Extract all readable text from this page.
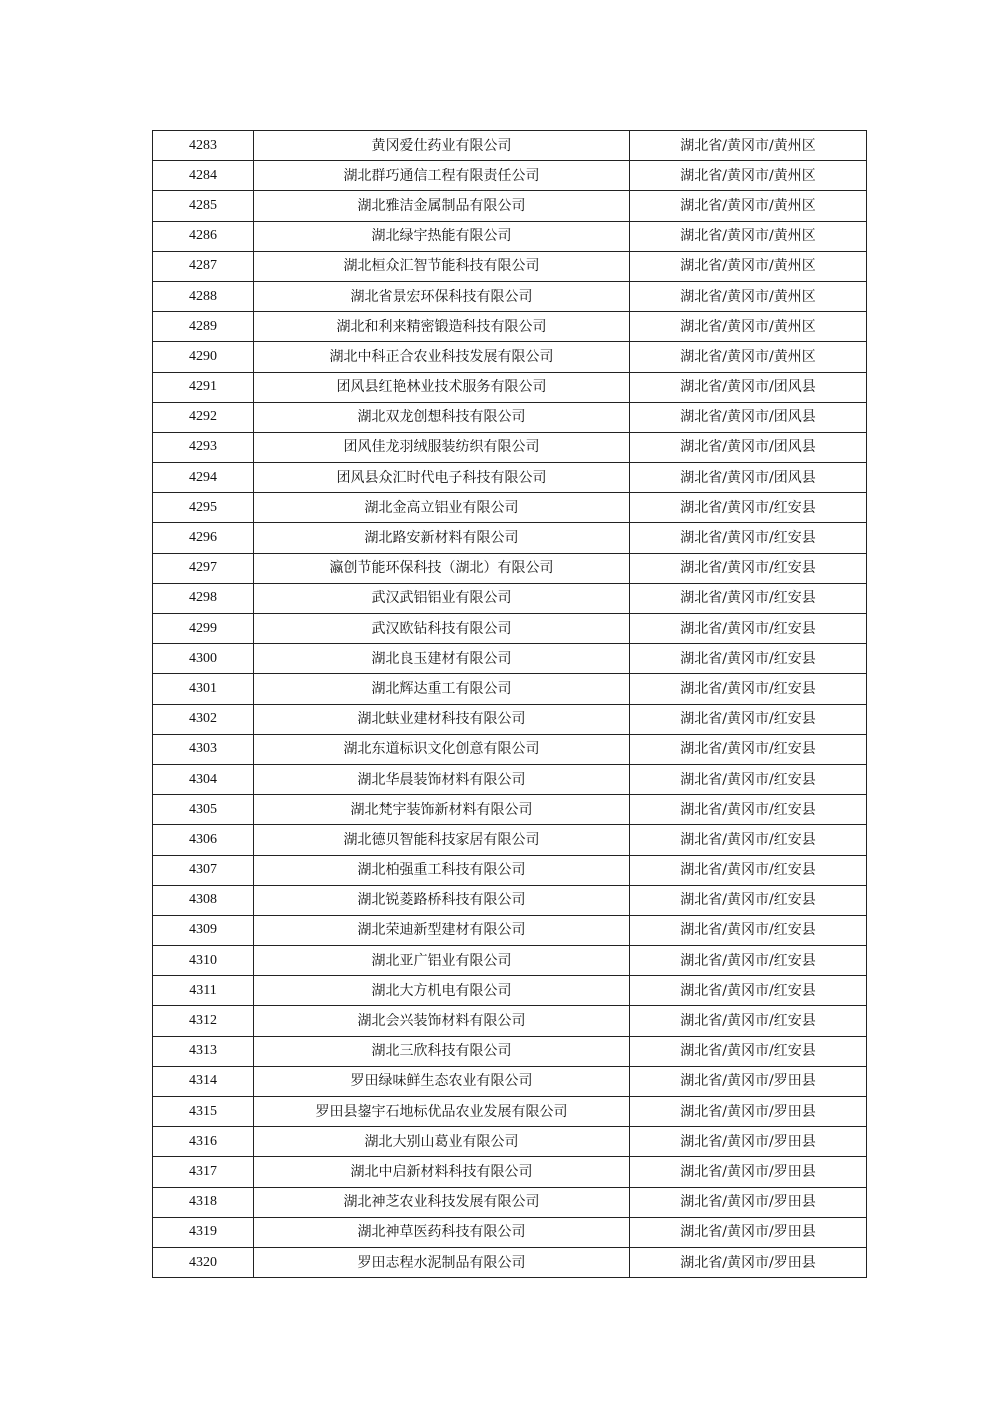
4283	黄冈爱仕药业有限公司	湖北省/黄冈市/黄州区
4284	湖北群巧通信工程有限责任公司	湖北省/黄冈市/黄州区
4285	湖北雅洁金属制品有限公司	湖北省/黄冈市/黄州区
4286	湖北绿宇热能有限公司	湖北省/黄冈市/黄州区
4287	湖北桓众汇智节能科技有限公司	湖北省/黄冈市/黄州区
4288	湖北省景宏环保科技有限公司	湖北省/黄冈市/黄州区
4289	湖北和利来精密锻造科技有限公司	湖北省/黄冈市/黄州区
4290	湖北中科正合农业科技发展有限公司	湖北省/黄冈市/黄州区
4291	团风县红艳林业技术服务有限公司	湖北省/黄冈市/团风县
4292	湖北双龙创想科技有限公司	湖北省/黄冈市/团风县
4293	团风佳龙羽绒服装纺织有限公司	湖北省/黄冈市/团风县
4294	团风县众汇时代电子科技有限公司	湖北省/黄冈市/团风县
4295	湖北金高立铝业有限公司	湖北省/黄冈市/红安县
4296	湖北路安新材料有限公司	湖北省/黄冈市/红安县
4297	瀛创节能环保科技（湖北）有限公司	湖北省/黄冈市/红安县
4298	武汉武铝铝业有限公司	湖北省/黄冈市/红安县
4299	武汉欧钻科技有限公司	湖北省/黄冈市/红安县
4300	湖北良玉建材有限公司	湖北省/黄冈市/红安县
4301	湖北辉达重工有限公司	湖北省/黄冈市/红安县
4302	湖北蚨业建材科技有限公司	湖北省/黄冈市/红安县
4303	湖北东道标识文化创意有限公司	湖北省/黄冈市/红安县
4304	湖北华晨装饰材料有限公司	湖北省/黄冈市/红安县
4305	湖北梵宇装饰新材料有限公司	湖北省/黄冈市/红安县
4306	湖北德贝智能科技家居有限公司	湖北省/黄冈市/红安县
4307	湖北柏强重工科技有限公司	湖北省/黄冈市/红安县
4308	湖北锐菱路桥科技有限公司	湖北省/黄冈市/红安县
4309	湖北荣迪新型建材有限公司	湖北省/黄冈市/红安县
4310	湖北亚广铝业有限公司	湖北省/黄冈市/红安县
4311	湖北大方机电有限公司	湖北省/黄冈市/红安县
4312	湖北会兴装饰材料有限公司	湖北省/黄冈市/红安县
4313	湖北三欣科技有限公司	湖北省/黄冈市/红安县
4314	罗田绿味鲜生态农业有限公司	湖北省/黄冈市/罗田县
4315	罗田县鋆宇石地标优品农业发展有限公司	湖北省/黄冈市/罗田县
4316	湖北大别山葛业有限公司	湖北省/黄冈市/罗田县
4317	湖北中启新材料科技有限公司	湖北省/黄冈市/罗田县
4318	湖北神芝农业科技发展有限公司	湖北省/黄冈市/罗田县
4319	湖北神草医药科技有限公司	湖北省/黄冈市/罗田县
4320	罗田志程水泥制品有限公司	湖北省/黄冈市/罗田县
